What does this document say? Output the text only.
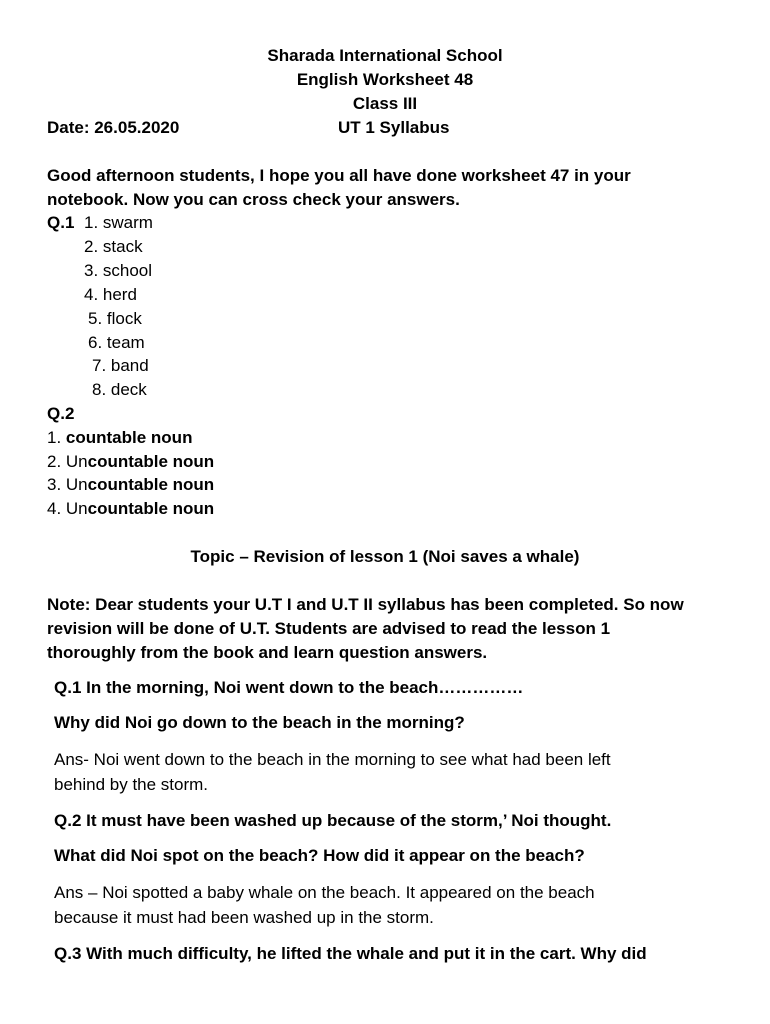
Sharada International School
English Worksheet 48
Class III
Date: 26.05.2020	UT 1 Syllabus
Good afternoon students, I hope you all have done worksheet 47 in your
notebook. Now you can cross check your answers.
Q.1 1. swarm
2. stack
3. school
4. herd
5. flock
6. team
7. band
8. deck
Q.2
1. countable noun
2. Uncountable noun
3. Uncountable noun
4. Uncountable noun
Topic – Revision of lesson 1 (Noi saves a whale)
Note: Dear students your U.T I and U.T II syllabus has been completed. So now
revision will be done of U.T. Students are advised to read the lesson 1
thoroughly from the book and learn question answers.
Q.1 In the morning, Noi went down to the beach……………
Why did Noi go down to the beach in the morning?
Ans- Noi went down to the beach in the morning to see what had been left
behind by the storm.
Q.2 It must have been washed up because of the storm,’ Noi thought.
What did Noi spot on the beach? How did it appear on the beach?
Ans – Noi spotted a baby whale on the beach. It appeared on the beach
because it must had been washed up in the storm.
Q.3 With much difficulty, he lifted the whale and put it in the cart. Why did
